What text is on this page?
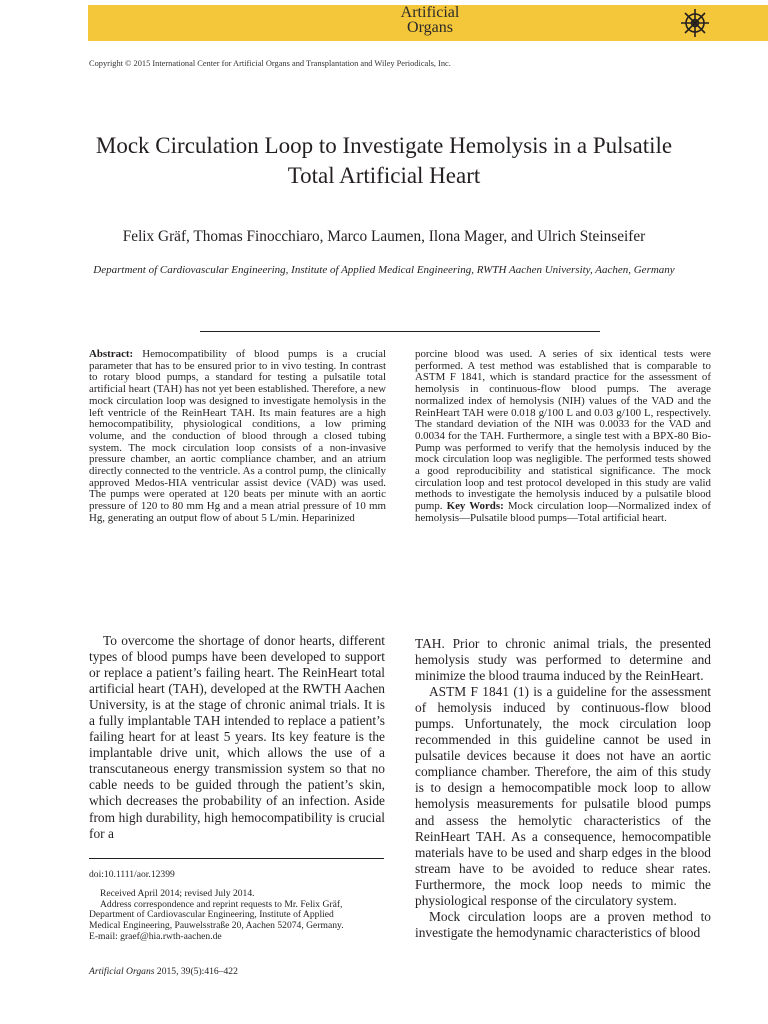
Artificial
Organs
Copyright © 2015 International Center for Artificial Organs and Transplantation and Wiley Periodicals, Inc.
Mock Circulation Loop to Investigate Hemolysis in a Pulsatile Total Artificial Heart
Felix Gräf, Thomas Finocchiaro, Marco Laumen, Ilona Mager, and Ulrich Steinseifer
Department of Cardiovascular Engineering, Institute of Applied Medical Engineering, RWTH Aachen University, Aachen, Germany
Abstract: Hemocompatibility of blood pumps is a crucial parameter that has to be ensured prior to in vivo testing. In contrast to rotary blood pumps, a standard for testing a pulsatile total artificial heart (TAH) has not yet been established. Therefore, a new mock circulation loop was designed to investigate hemolysis in the left ventricle of the ReinHeart TAH. Its main features are a high hemocompatibility, physiological conditions, a low priming volume, and the conduction of blood through a closed tubing system. The mock circulation loop consists of a non-invasive pressure chamber, an aortic compliance chamber, and an atrium directly connected to the ventricle. As a control pump, the clinically approved Medos-HIA ventricular assist device (VAD) was used. The pumps were operated at 120 beats per minute with an aortic pressure of 120 to 80 mm Hg and a mean atrial pressure of 10 mm Hg, generating an output flow of about 5 L/min. Heparinized
porcine blood was used. A series of six identical tests were performed. A test method was established that is comparable to ASTM F 1841, which is standard practice for the assessment of hemolysis in continuous-flow blood pumps. The average normalized index of hemolysis (NIH) values of the VAD and the ReinHeart TAH were 0.018 g/100 L and 0.03 g/100 L, respectively. The standard deviation of the NIH was 0.0033 for the VAD and 0.0034 for the TAH. Furthermore, a single test with a BPX-80 Bio-Pump was performed to verify that the hemolysis induced by the mock circulation loop was negligible. The performed tests showed a good reproducibility and statistical significance. The mock circulation loop and test protocol developed in this study are valid methods to investigate the hemolysis induced by a pulsatile blood pump. Key Words: Mock circulation loop—Normalized index of hemolysis—Pulsatile blood pumps—Total artificial heart.

To overcome the shortage of donor hearts, different types of blood pumps have been developed to support or replace a patient’s failing heart. The ReinHeart total artificial heart (TAH), developed at the RWTH Aachen University, is at the stage of chronic animal trials. It is a fully implantable TAH intended to replace a patient’s failing heart for at least 5 years. Its key feature is the implantable drive unit, which allows the use of a transcutaneous energy transmission system so that no cable needs to be guided through the patient’s skin, which decreases the probability of an infection. Aside from high durability, high hemocompatibility is crucial for a

TAH. Prior to chronic animal trials, the presented hemolysis study was performed to determine and minimize the blood trauma induced by the ReinHeart.

ASTM F 1841 (1) is a guideline for the assessment of hemolysis induced by continuous-flow blood pumps. Unfortunately, the mock circulation loop recommended in this guideline cannot be used in pulsatile devices because it does not have an aortic compliance chamber. Therefore, the aim of this study is to design a hemocompatible mock loop to allow hemolysis measurements for pulsatile blood pumps and assess the hemolytic characteristics of the ReinHeart TAH. As a consequence, hemocompatible materials have to be used and sharp edges in the blood stream have to be avoided to reduce shear rates. Furthermore, the mock loop needs to mimic the physiological response of the circulatory system.

Mock circulation loops are a proven method to investigate the hemodynamic characteristics of blood

doi:10.1111/aor.12399
Received April 2014; revised July 2014.
Address correspondence and reprint requests to Mr. Felix Gräf,
Department of Cardiovascular Engineering, Institute of Applied
Medical Engineering, Pauwelsstraße 20, Aachen 52074, Germany.
E-mail: graef@hia.rwth-aachen.de
Artificial Organs 2015, 39(5):416–422
